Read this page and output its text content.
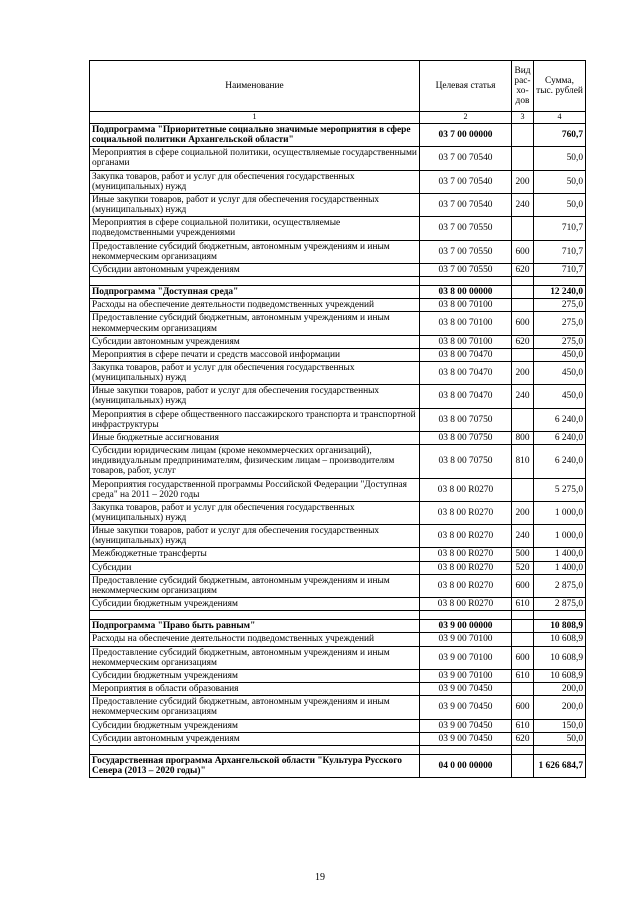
Наименование	Целевая статья	Вид рас-хо-дов	Сумма, тыс. рублей
1	2	3	4
Подпрограмма "Приоритетные социально значимые мероприятия в сфере социальной политики Архангельской области"	03 7 00 00000		760,7
Мероприятия в сфере социальной политики, осуществляемые государственными органами	03 7 00 70540		50,0
Закупка товаров, работ и услуг для обеспечения государственных (муниципальных) нужд	03 7 00 70540	200	50,0
Иные закупки товаров, работ и услуг для обеспечения государственных (муниципальных) нужд	03 7 00 70540	240	50,0
Мероприятия в сфере социальной политики, осуществляемые подведомственными учреждениями	03 7 00 70550		710,7
Предоставление субсидий бюджетным, автономным учреждениям и иным некоммерческим организациям	03 7 00 70550	600	710,7
Субсидии автономным учреждениям	03 7 00 70550	620	710,7

Подпрограмма "Доступная среда"	03 8 00 00000		12 240,0
Расходы на обеспечение деятельности подведомственных учреждений	03 8 00 70100		275,0
Предоставление субсидий бюджетным, автономным учреждениям и иным некоммерческим организациям	03 8 00 70100	600	275,0
Субсидии автономным учреждениям	03 8 00 70100	620	275,0
Мероприятия в сфере печати и средств массовой информации	03 8 00 70470		450,0
Закупка товаров, работ и услуг для обеспечения государственных (муниципальных) нужд	03 8 00 70470	200	450,0
Иные закупки товаров, работ и услуг для обеспечения государственных (муниципальных) нужд	03 8 00 70470	240	450,0
Мероприятия в сфере общественного пассажирского транспорта и транспортной инфраструктуры	03 8 00 70750		6 240,0
Иные бюджетные ассигнования	03 8 00 70750	800	6 240,0
Субсидии юридическим лицам (кроме некоммерческих организаций), индивидуальным предпринимателям, физическим лицам – производителям товаров, работ, услуг	03 8 00 70750	810	6 240,0
Мероприятия государственной программы Российской Федерации "Доступная среда" на 2011 – 2020 годы	03 8 00 R0270		5 275,0
Закупка товаров, работ и услуг для обеспечения государственных (муниципальных) нужд	03 8 00 R0270	200	1 000,0
Иные закупки товаров, работ и услуг для обеспечения государственных (муниципальных) нужд	03 8 00 R0270	240	1 000,0
Межбюджетные трансферты	03 8 00 R0270	500	1 400,0
Субсидии	03 8 00 R0270	520	1 400,0
Предоставление субсидий бюджетным, автономным учреждениям и иным некоммерческим организациям	03 8 00 R0270	600	2 875,0
Субсидии бюджетным учреждениям	03 8 00 R0270	610	2 875,0

Подпрограмма "Право быть равным"	03 9 00 00000		10 808,9
Расходы на обеспечение деятельности подведомственных учреждений	03 9 00 70100		10 608,9
Предоставление субсидий бюджетным, автономным учреждениям и иным некоммерческим организациям	03 9 00 70100	600	10 608,9
Субсидии бюджетным учреждениям	03 9 00 70100	610	10 608,9
Мероприятия в области образования	03 9 00 70450		200,0
Предоставление субсидий бюджетным, автономным учреждениям и иным некоммерческим организациям	03 9 00 70450	600	200,0
Субсидии бюджетным учреждениям	03 9 00 70450	610	150,0
Субсидии автономным учреждениям	03 9 00 70450	620	50,0

Государственная программа Архангельской области "Культура Русского Севера (2013 – 2020 годы)"	04 0 00 00000		1 626 684,7
19
